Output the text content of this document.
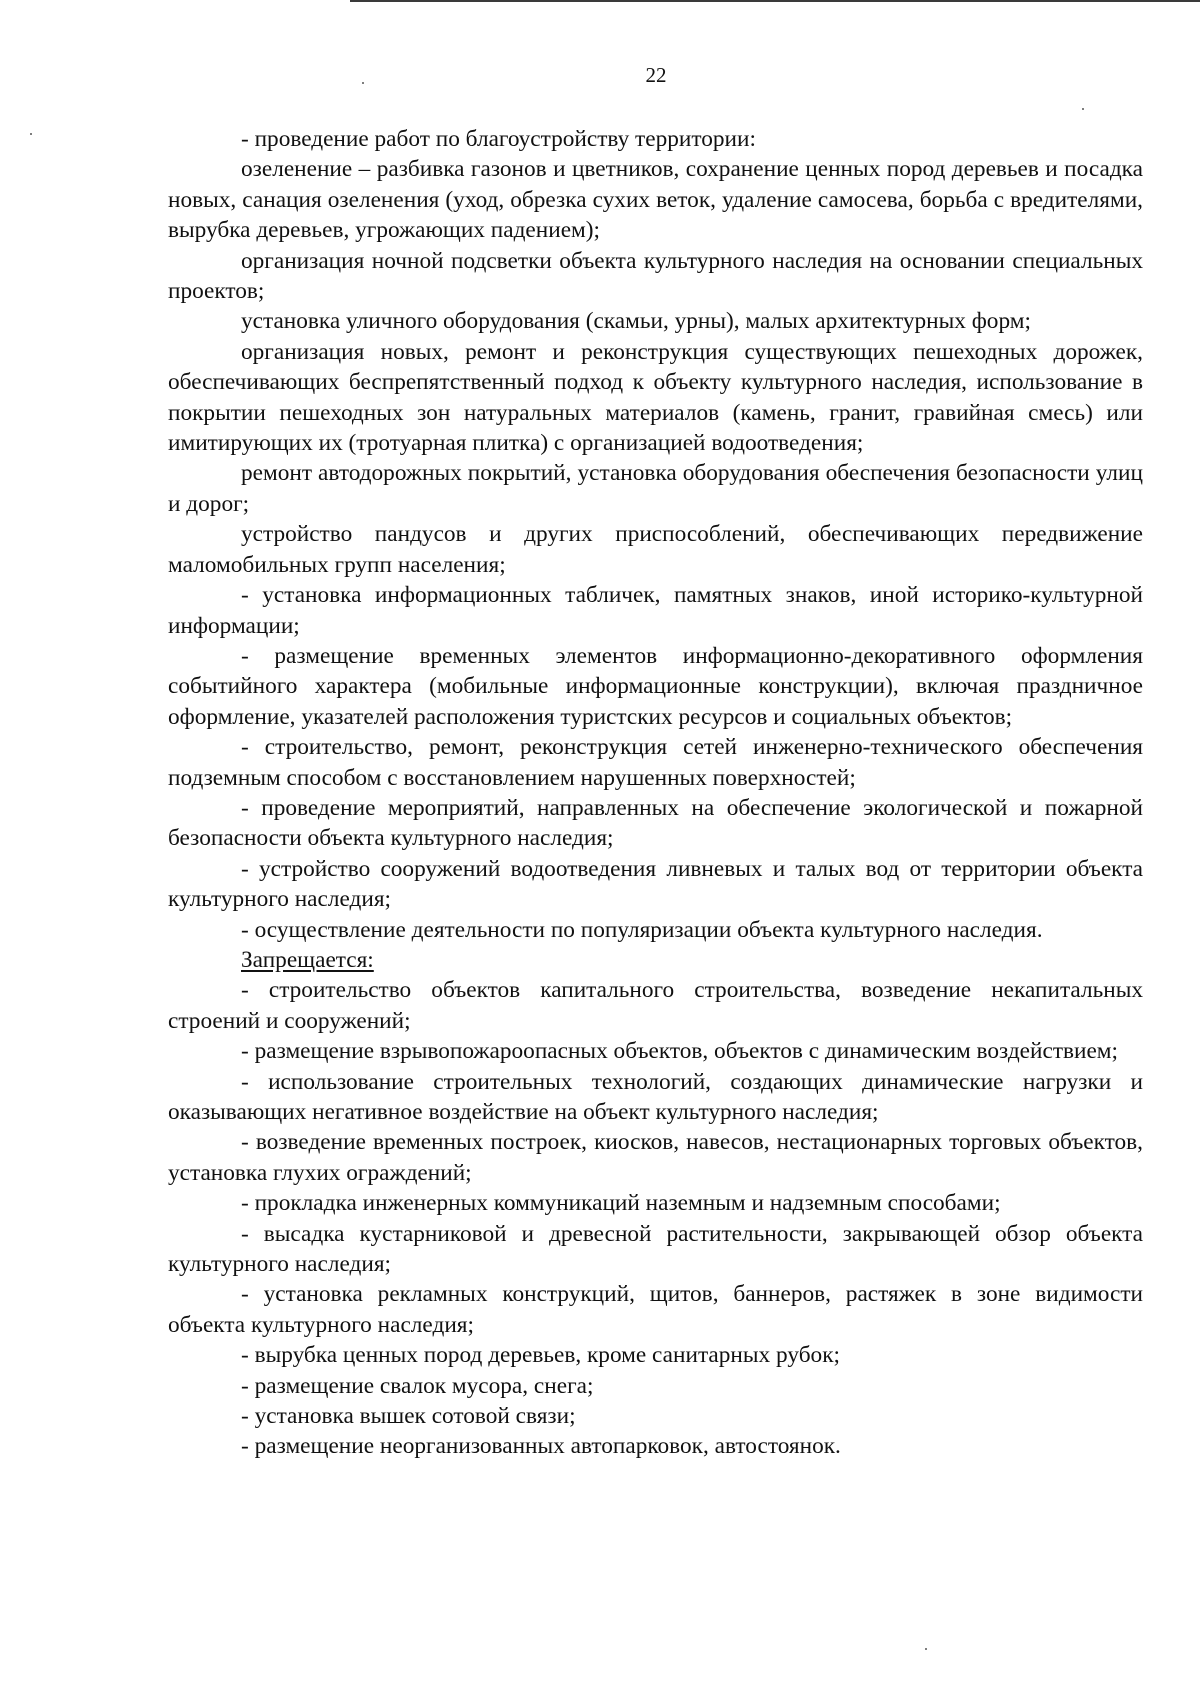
22

- проведение работ по благоустройству территории:

озеленение – разбивка газонов и цветников, сохранение ценных пород деревьев и посадка новых, санация озеленения (уход, обрезка сухих веток, удаление самосева, борьба с вредителями, вырубка деревьев, угрожающих падением);

организация ночной подсветки объекта культурного наследия на основании специальных проектов;

установка уличного оборудования (скамьи, урны), малых архитектурных форм;

организация новых, ремонт и реконструкция существующих пешеходных дорожек, обеспечивающих беспрепятственный подход к объекту культурного наследия, использование в покрытии пешеходных зон натуральных материалов (камень, гранит, гравийная смесь) или имитирующих их (тротуарная плитка) с организацией водоотведения;

ремонт автодорожных покрытий, установка оборудования обеспечения безопасности улиц и дорог;

устройство пандусов и других приспособлений, обеспечивающих передвижение маломобильных групп населения;

- установка информационных табличек, памятных знаков, иной историко-культурной информации;

- размещение временных элементов информационно-декоративного оформления событийного характера (мобильные информационные конструкции), включая праздничное оформление, указателей расположения туристских ресурсов и социальных объектов;

- строительство, ремонт, реконструкция сетей инженерно-технического обеспечения подземным способом с восстановлением нарушенных поверхностей;

- проведение мероприятий, направленных на обеспечение экологической и пожарной безопасности объекта культурного наследия;

- устройство сооружений водоотведения ливневых и талых вод от территории объекта культурного наследия;

- осуществление деятельности по популяризации объекта культурного наследия.

Запрещается:

- строительство объектов капитального строительства, возведение некапитальных строений и сооружений;

- размещение взрывопожароопасных объектов, объектов с динамическим воздействием;

- использование строительных технологий, создающих динамические нагрузки и оказывающих негативное воздействие на объект культурного наследия;

- возведение временных построек, киосков, навесов, нестационарных торговых объектов, установка глухих ограждений;

- прокладка инженерных коммуникаций наземным и надземным способами;

- высадка кустарниковой и древесной растительности, закрывающей обзор объекта культурного наследия;

- установка рекламных конструкций, щитов, баннеров, растяжек в зоне видимости объекта культурного наследия;

- вырубка ценных пород деревьев, кроме санитарных рубок;

- размещение свалок мусора, снега;

- установка вышек сотовой связи;

- размещение неорганизованных автопарковок, автостоянок.
